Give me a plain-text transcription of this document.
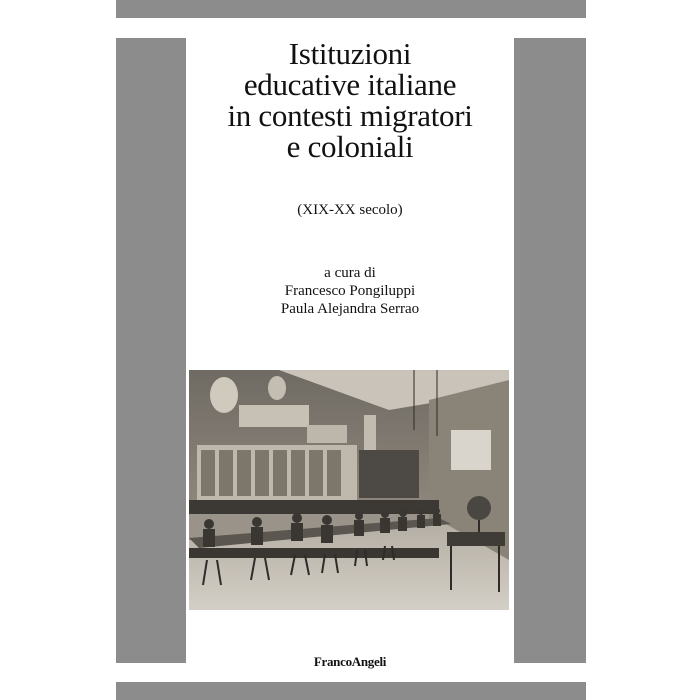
Istituzioni
educative italiane
in contesti migratori
e coloniali
(XIX-XX secolo)
a cura di
Francesco Pongiluppi
Paula Alejandra Serrao
FrancoAngeli
